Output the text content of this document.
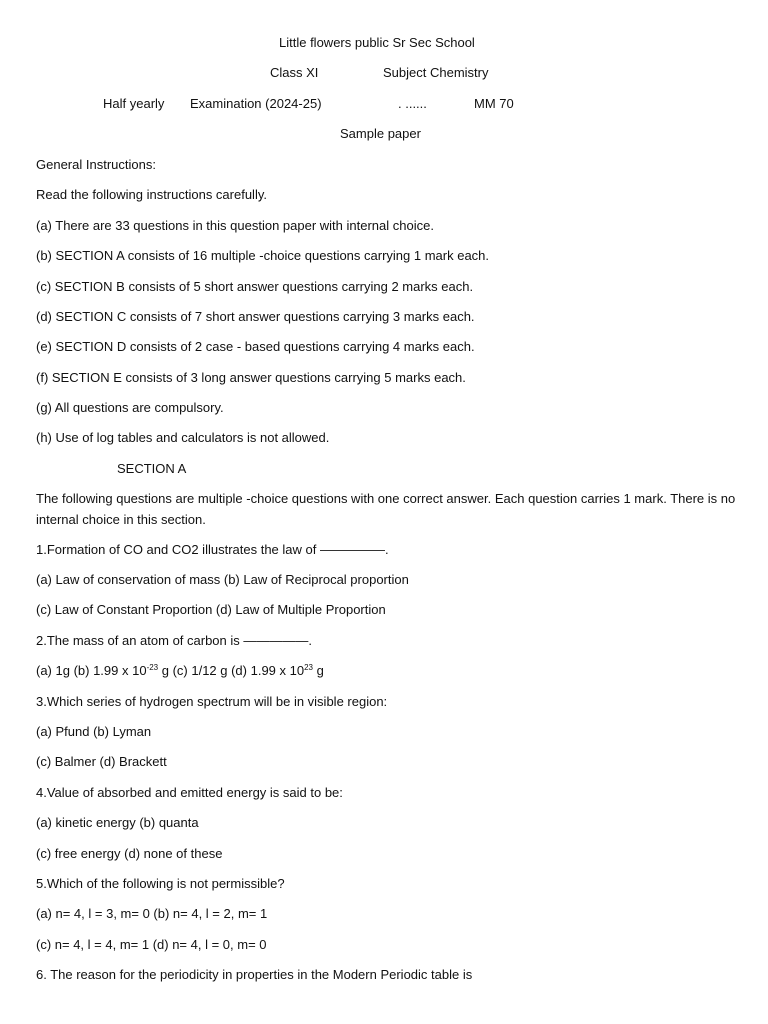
Little flowers public Sr Sec School
Class XI	Subject Chemistry
Half yearly Examination (2024-25)	. ......	MM 70
Sample paper
General Instructions:
Read the following instructions carefully.
(a) There are 33 questions in this question paper with internal choice.
(b) SECTION A consists of 16 multiple -choice questions carrying 1 mark each.
(c) SECTION B consists of 5 short answer questions carrying 2 marks each.
(d) SECTION C consists of 7 short answer questions carrying 3 marks each.
(e) SECTION D consists of 2 case - based questions carrying 4 marks each.
(f) SECTION E consists of 3 long answer questions carrying 5 marks each.
(g) All questions are compulsory.
(h) Use of log tables and calculators is not allowed.
SECTION A
The following questions are multiple -choice questions with one correct answer. Each question carries 1 mark. There is no internal choice in this section.
1.Formation of CO and CO2 illustrates the law of —————.
(a) Law of conservation of mass (b) Law of Reciprocal proportion
(c) Law of Constant Proportion (d) Law of Multiple Proportion
2.The mass of an atom of carbon is —————.
(a) 1g (b) 1.99 x $10^{-23}$ g (c) 1/12 g (d) 1.99 x $10^{23}$ g
3.Which series of hydrogen spectrum will be in visible region:
(a) Pfund (b) Lyman
(c) Balmer (d) Brackett
4.Value of absorbed and emitted energy is said to be:
(a) kinetic energy (b) quanta
(c) free energy (d) none of these
5.Which of the following is not permissible?
(a) n= 4, l = 3, m= 0 (b) n= 4, l = 2, m= 1
(c) n= 4, l = 4, m= 1 (d) n= 4, l = 0, m= 0
6. The reason for the periodicity in properties in the Modern Periodic table is
